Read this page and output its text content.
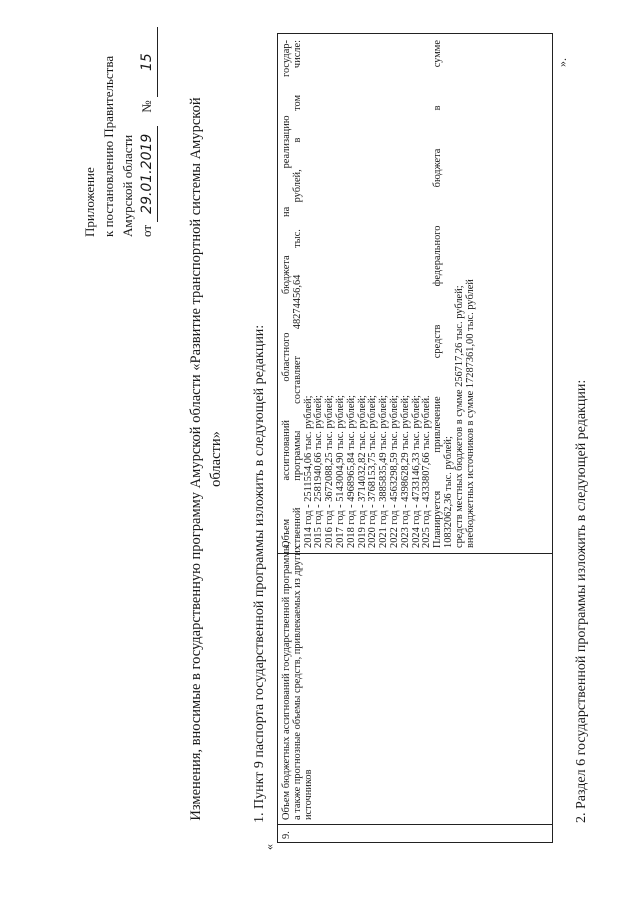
Приложение к постановлению Правительства Амурской области от 29.01.2019    № 15
Изменения, вносимые в государственную программу Амурской области «Развитие транспортной системы Амурской области» 1. Пункт 9 паспорта государственной программы изложить в следующей редакции:
«
9.
Объем бюджетных ассигнований государственной программы, а также прогнозные объемы средств, привлекаемых из других источников
Объем ассигнований областного бюджета на реализацию государ- ственной программы составляет 48274456,64 тыс. рублей, в том числе: 2014 год - 2511554,06 тыс. рублей; 2015 год - 2581940,66 тыс. рублей; 2016 год - 3672088,25 тыс. рублей; 2017 год - 5143004,90 тыс. рублей; 2018 год - 4968965,84 тыс. рублей; 2019 год - 3714032,82 тыс. рублей; 2020 год - 3768153,75 тыс. рублей; 2021 год - 3885835,49 тыс. рублей; 2022 год - 4563298,59 тыс. рублей; 2023 год - 4398628,29 тыс. рублей; 2024 год - 4733146,33 тыс. рублей; 2025 год - 4333807,66 тыс. рублей. Планируется привлечение средств федерального бюджета в сумме 10832062,36 тыс. рублей; средств местных бюджетов в сумме 256717,26 тыс. рублей; внебюджетных источников в сумме 17287361,00 тыс. рублей
».
2. Раздел 6 государственной программы изложить в следующей редакции:
